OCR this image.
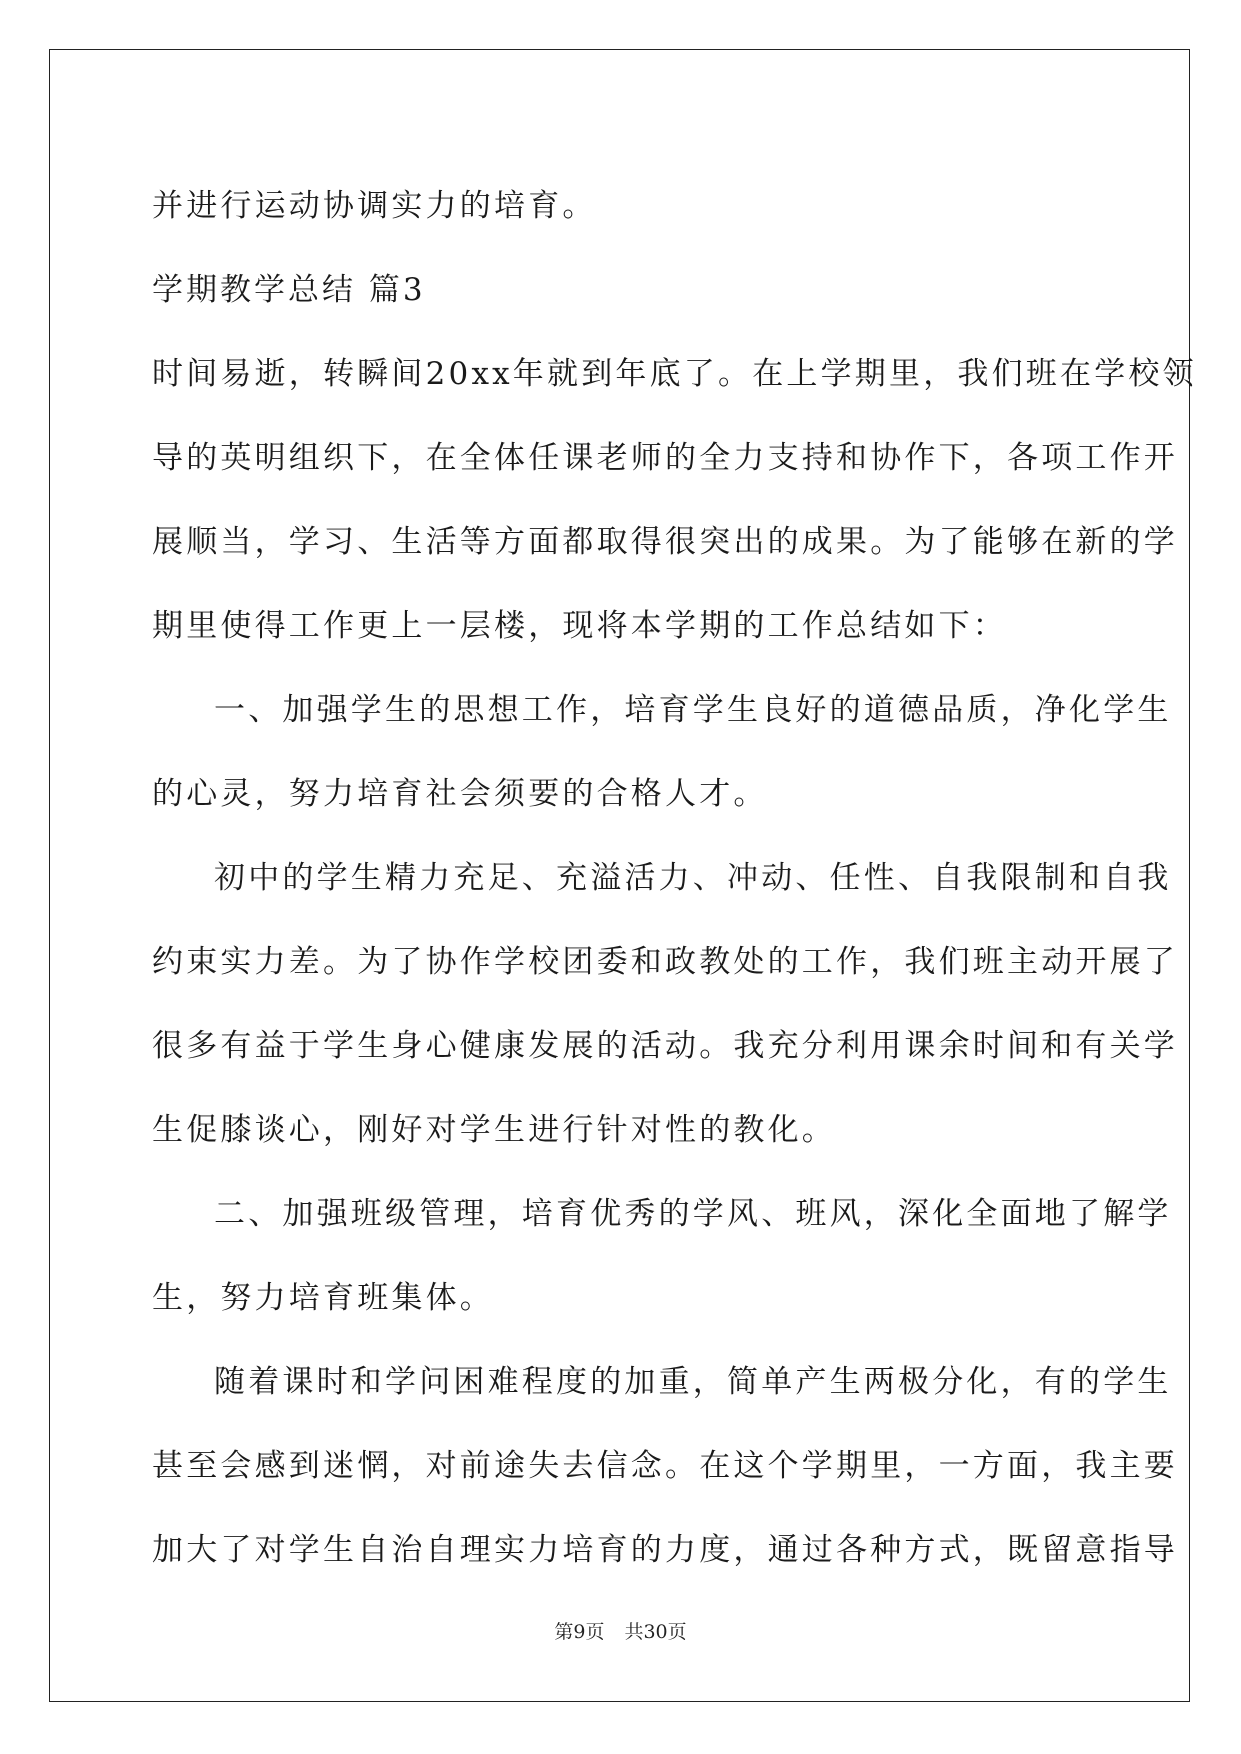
并进行运动协调实力的培育。
学期教学总结 篇3
时间易逝，转瞬间20xx年就到年底了。在上学期里，我们班在学校领
导的英明组织下，在全体任课老师的全力支持和协作下，各项工作开
展顺当，学习、生活等方面都取得很突出的成果。为了能够在新的学
期里使得工作更上一层楼，现将本学期的工作总结如下：
一、加强学生的思想工作，培育学生良好的道德品质，净化学生
的心灵，努力培育社会须要的合格人才。
初中的学生精力充足、充溢活力、冲动、任性、自我限制和自我
约束实力差。为了协作学校团委和政教处的工作，我们班主动开展了
很多有益于学生身心健康发展的活动。我充分利用课余时间和有关学
生促膝谈心，刚好对学生进行针对性的教化。
二、加强班级管理，培育优秀的学风、班风，深化全面地了解学
生，努力培育班集体。
随着课时和学问困难程度的加重，简单产生两极分化，有的学生
甚至会感到迷惘，对前途失去信念。在这个学期里，一方面，我主要
加大了对学生自治自理实力培育的力度，通过各种方式，既留意指导
第9页 共30页
